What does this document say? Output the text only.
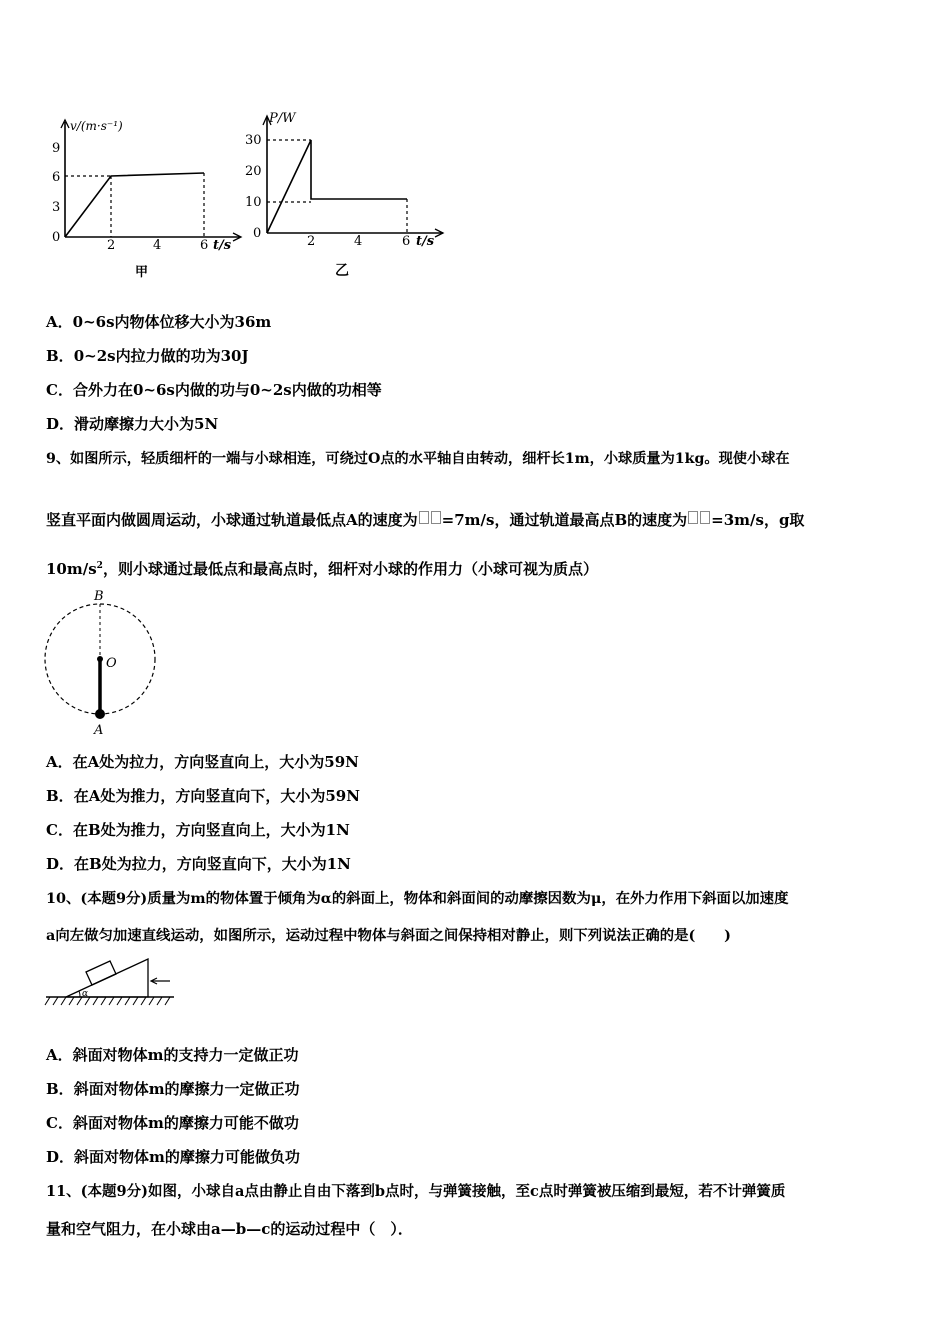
v/(m·s⁻¹)
9
6
3
0
2	4	6 t/s
甲
P/W
30
20
10
0
2	4	6 t/s
乙
A．0~6s内物体位移大小为36m
B．0~2s内拉力做的功为30J
C．合外力在0~6s内做的功与0~2s内做的功相等
D．滑动摩擦力大小为5N
9、如图所示，轻质细杆的一端与小球相连，可绕过O点的水平轴自由转动，细杆长1m，小球质量为1kg。现使小球在
竖直平面内做圆周运动，小球通过轨道最低点A的速度为 =7m/s，通过轨道最高点B的速度为 =3m/s，g取
$10m/s^2$，则小球通过最低点和最高点时，细杆对小球的作用力（小球可视为质点）
B
O
A
A．在A处为拉力，方向竖直向上，大小为59N
B．在A处为推力，方向竖直向下，大小为59N
C．在B处为推力，方向竖直向上，大小为1N
D．在B处为拉力，方向竖直向下，大小为1N
10、(本题9分)质量为m的物体置于倾角为α的斜面上，物体和斜面间的动摩擦因数为μ，在外力作用下斜面以加速度
a向左做匀加速直线运动，如图所示，运动过程中物体与斜面之间保持相对静止，则下列说法正确的是(　　)
α
A．斜面对物体m的支持力一定做正功
B．斜面对物体m的摩擦力一定做正功
C．斜面对物体m的摩擦力可能不做功
D．斜面对物体m的摩擦力可能做负功
11、(本题9分)如图，小球自a点由静止自由下落到b点时，与弹簧接触，至c点时弹簧被压缩到最短，若不计弹簧质
量和空气阻力，在小球由a—b—c的运动过程中（　）．
